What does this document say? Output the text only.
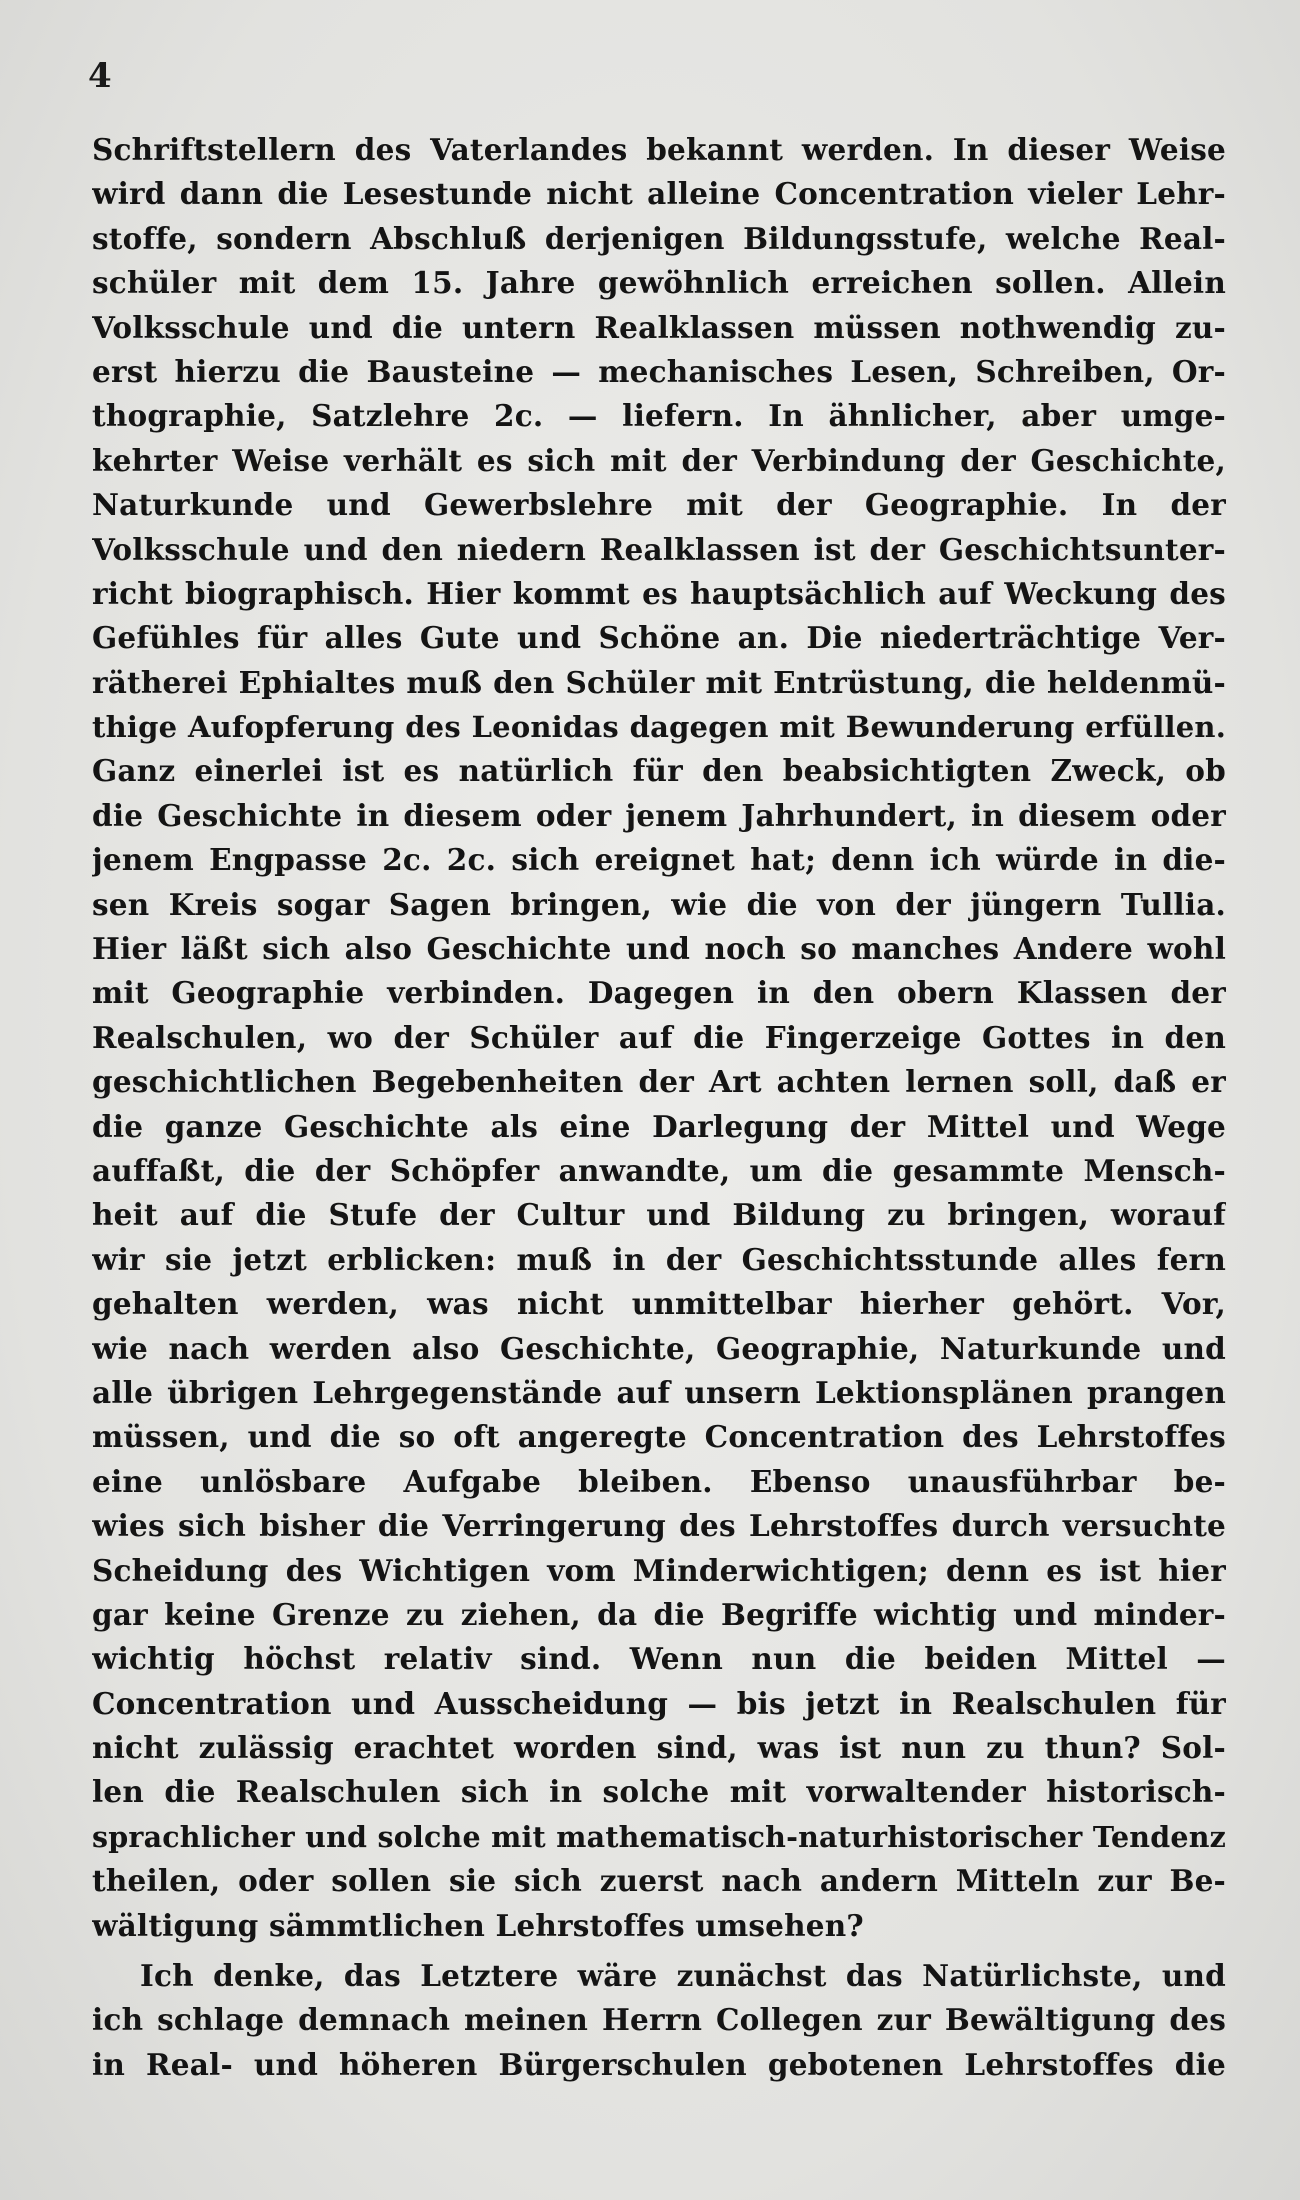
4
Schriftstellern des Vaterlandes bekannt werden. In dieser Weise
wird dann die Lesestunde nicht alleine Concentration vieler Lehr-
stoffe, sondern Abschluß derjenigen Bildungsstufe, welche Real-
schüler mit dem 15. Jahre gewöhnlich erreichen sollen. Allein
Volksschule und die untern Realklassen müssen nothwendig zu-
erst hierzu die Bausteine — mechanisches Lesen, Schreiben, Or-
thographie, Satzlehre 2c. — liefern. In ähnlicher, aber umge-
kehrter Weise verhält es sich mit der Verbindung der Geschichte,
Naturkunde und Gewerbslehre mit der Geographie. In der
Volksschule und den niedern Realklassen ist der Geschichtsunter-
richt biographisch. Hier kommt es hauptsächlich auf Weckung des
Gefühles für alles Gute und Schöne an. Die niederträchtige Ver-
rätherei Ephialtes muß den Schüler mit Entrüstung, die heldenmü-
thige Aufopferung des Leonidas dagegen mit Bewunderung erfüllen.
Ganz einerlei ist es natürlich für den beabsichtigten Zweck, ob
die Geschichte in diesem oder jenem Jahrhundert, in diesem oder
jenem Engpasse 2c. 2c. sich ereignet hat; denn ich würde in die-
sen Kreis sogar Sagen bringen, wie die von der jüngern Tullia.
Hier läßt sich also Geschichte und noch so manches Andere wohl
mit Geographie verbinden. Dagegen in den obern Klassen der
Realschulen, wo der Schüler auf die Fingerzeige Gottes in den
geschichtlichen Begebenheiten der Art achten lernen soll, daß er
die ganze Geschichte als eine Darlegung der Mittel und Wege
auffaßt, die der Schöpfer anwandte, um die gesammte Mensch-
heit auf die Stufe der Cultur und Bildung zu bringen, worauf
wir sie jetzt erblicken: muß in der Geschichtsstunde alles fern
gehalten werden, was nicht unmittelbar hierher gehört. Vor,
wie nach werden also Geschichte, Geographie, Naturkunde und
alle übrigen Lehrgegenstände auf unsern Lektionsplänen prangen
müssen, und die so oft angeregte Concentration des Lehrstoffes
eine unlösbare Aufgabe bleiben. Ebenso unausführbar be-
wies sich bisher die Verringerung des Lehrstoffes durch versuchte
Scheidung des Wichtigen vom Minderwichtigen; denn es ist hier
gar keine Grenze zu ziehen, da die Begriffe wichtig und minder-
wichtig höchst relativ sind. Wenn nun die beiden Mittel —
Concentration und Ausscheidung — bis jetzt in Realschulen für
nicht zulässig erachtet worden sind, was ist nun zu thun? Sol-
len die Realschulen sich in solche mit vorwaltender historisch-
sprachlicher und solche mit mathematisch-naturhistorischer Tendenz
theilen, oder sollen sie sich zuerst nach andern Mitteln zur Be-
wältigung sämmtlichen Lehrstoffes umsehen?
Ich denke, das Letztere wäre zunächst das Natürlichste, und
ich schlage demnach meinen Herrn Collegen zur Bewältigung des
in Real- und höheren Bürgerschulen gebotenen Lehrstoffes die
